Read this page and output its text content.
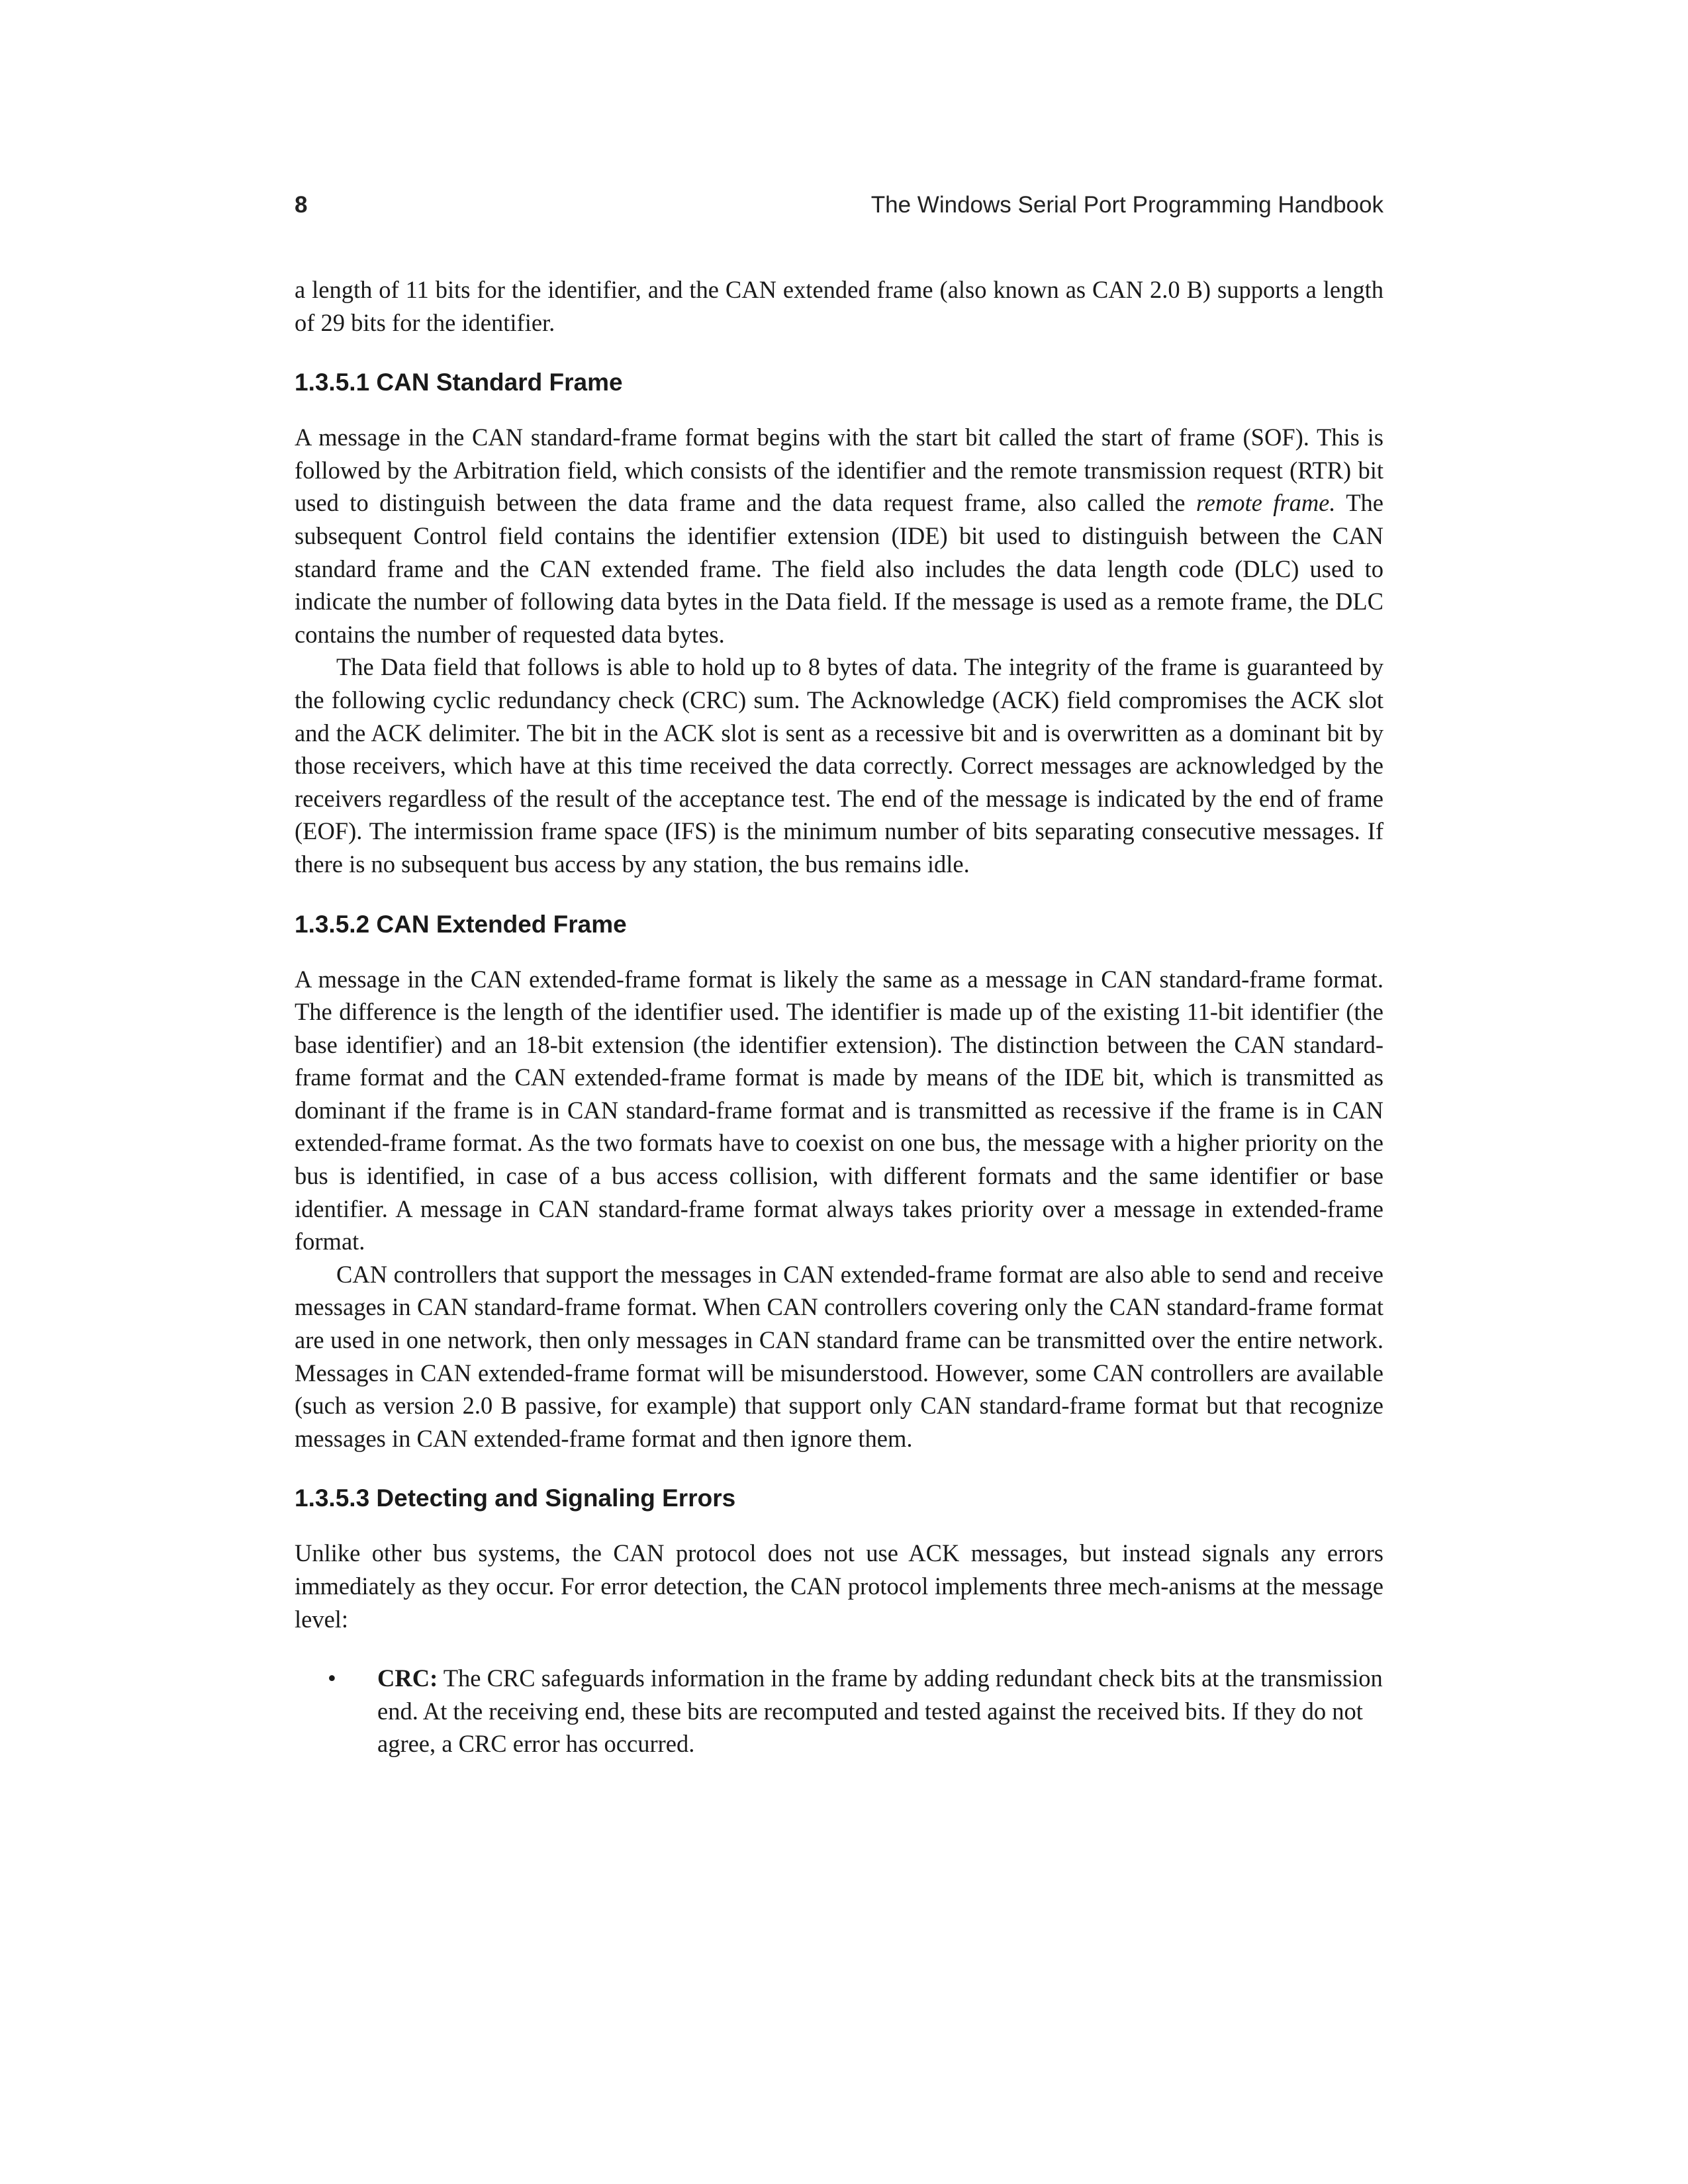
8	The Windows Serial Port Programming Handbook

a length of 11 bits for the identifier, and the CAN extended frame (also known as CAN 2.0 B) supports a length of 29 bits for the identifier.

1.3.5.1 CAN Standard Frame

A message in the CAN standard-frame format begins with the start bit called the start of frame (SOF). This is followed by the Arbitration field, which consists of the identifier and the remote transmission request (RTR) bit used to distinguish between the data frame and the data request frame, also called the remote frame. The subsequent Control field contains the identifier extension (IDE) bit used to distinguish between the CAN standard frame and the CAN extended frame. The field also includes the data length code (DLC) used to indicate the number of following data bytes in the Data field. If the message is used as a remote frame, the DLC contains the number of requested data bytes.

The Data field that follows is able to hold up to 8 bytes of data. The integrity of the frame is guaranteed by the following cyclic redundancy check (CRC) sum. The Acknowledge (ACK) field compromises the ACK slot and the ACK delimiter. The bit in the ACK slot is sent as a recessive bit and is overwritten as a dominant bit by those receivers, which have at this time received the data correctly. Correct messages are acknowledged by the receivers regardless of the result of the acceptance test. The end of the message is indicated by the end of frame (EOF). The intermission frame space (IFS) is the minimum number of bits separating consecutive messages. If there is no subsequent bus access by any station, the bus remains idle.

1.3.5.2 CAN Extended Frame

A message in the CAN extended-frame format is likely the same as a message in CAN standard-frame format. The difference is the length of the identifier used. The identifier is made up of the existing 11-bit identifier (the base identifier) and an 18-bit extension (the identifier extension). The distinction between the CAN standard-frame format and the CAN extended-frame format is made by means of the IDE bit, which is transmitted as dominant if the frame is in CAN standard-frame format and is transmitted as recessive if the frame is in CAN extended-frame format. As the two formats have to coexist on one bus, the message with a higher priority on the bus is identified, in case of a bus access collision, with different formats and the same identifier or base identifier. A message in CAN standard-frame format always takes priority over a message in extended-frame format.

CAN controllers that support the messages in CAN extended-frame format are also able to send and receive messages in CAN standard-frame format. When CAN controllers covering only the CAN standard-frame format are used in one network, then only messages in CAN standard frame can be transmitted over the entire network. Messages in CAN extended-frame format will be misunderstood. However, some CAN controllers are available (such as version 2.0 B passive, for example) that support only CAN standard-frame format but that recognize messages in CAN extended-frame format and then ignore them.

1.3.5.3 Detecting and Signaling Errors

Unlike other bus systems, the CAN protocol does not use ACK messages, but instead signals any errors immediately as they occur. For error detection, the CAN protocol implements three mech-anisms at the message level:

• CRC: The CRC safeguards information in the frame by adding redundant check bits at the transmission end. At the receiving end, these bits are recomputed and tested against the received bits. If they do not agree, a CRC error has occurred.
